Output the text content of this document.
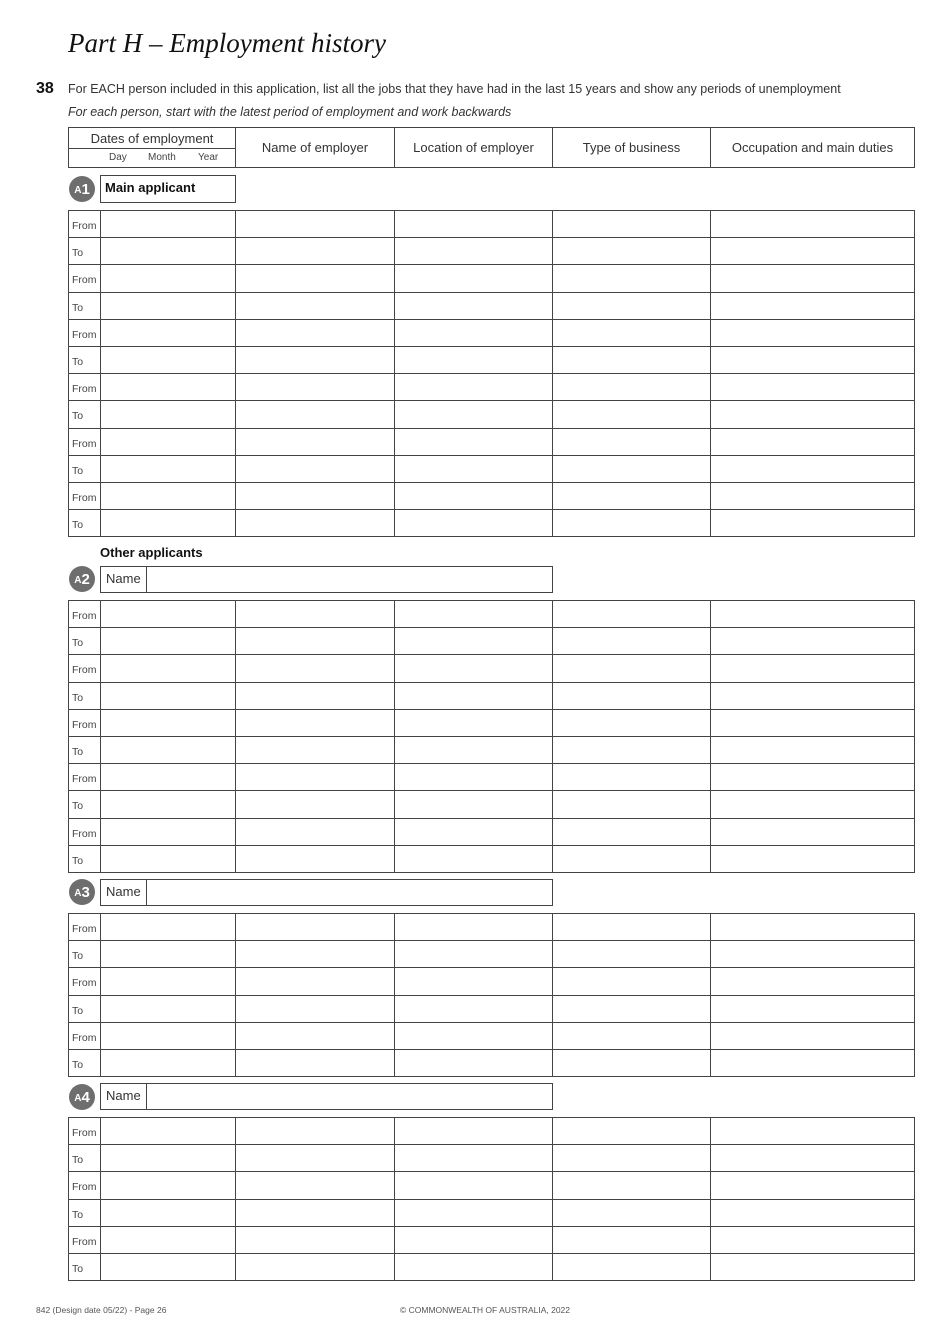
Part H – Employment history
38 For EACH person included in this application, list all the jobs that they have had in the last 15 years and show any periods of unemployment
For each person, start with the latest period of employment and work backwards
Dates of employment
Day Month Year
Name of employer	Location of employer	Type of business	Occupation and main duties
A 1	Main applicant
Other applicants
A 2	Name
A 3	Name
A 4	Name
842 (Design date 05/22) - Page 26	© COMMONWEALTH OF AUSTRALIA, 2022
From
To
From
To
From
To
From
To
From
To
From
To
From
To
From
To
From
To
From
To
From
To
From
To
From
To
From
To
From
To
From
To
From
To
